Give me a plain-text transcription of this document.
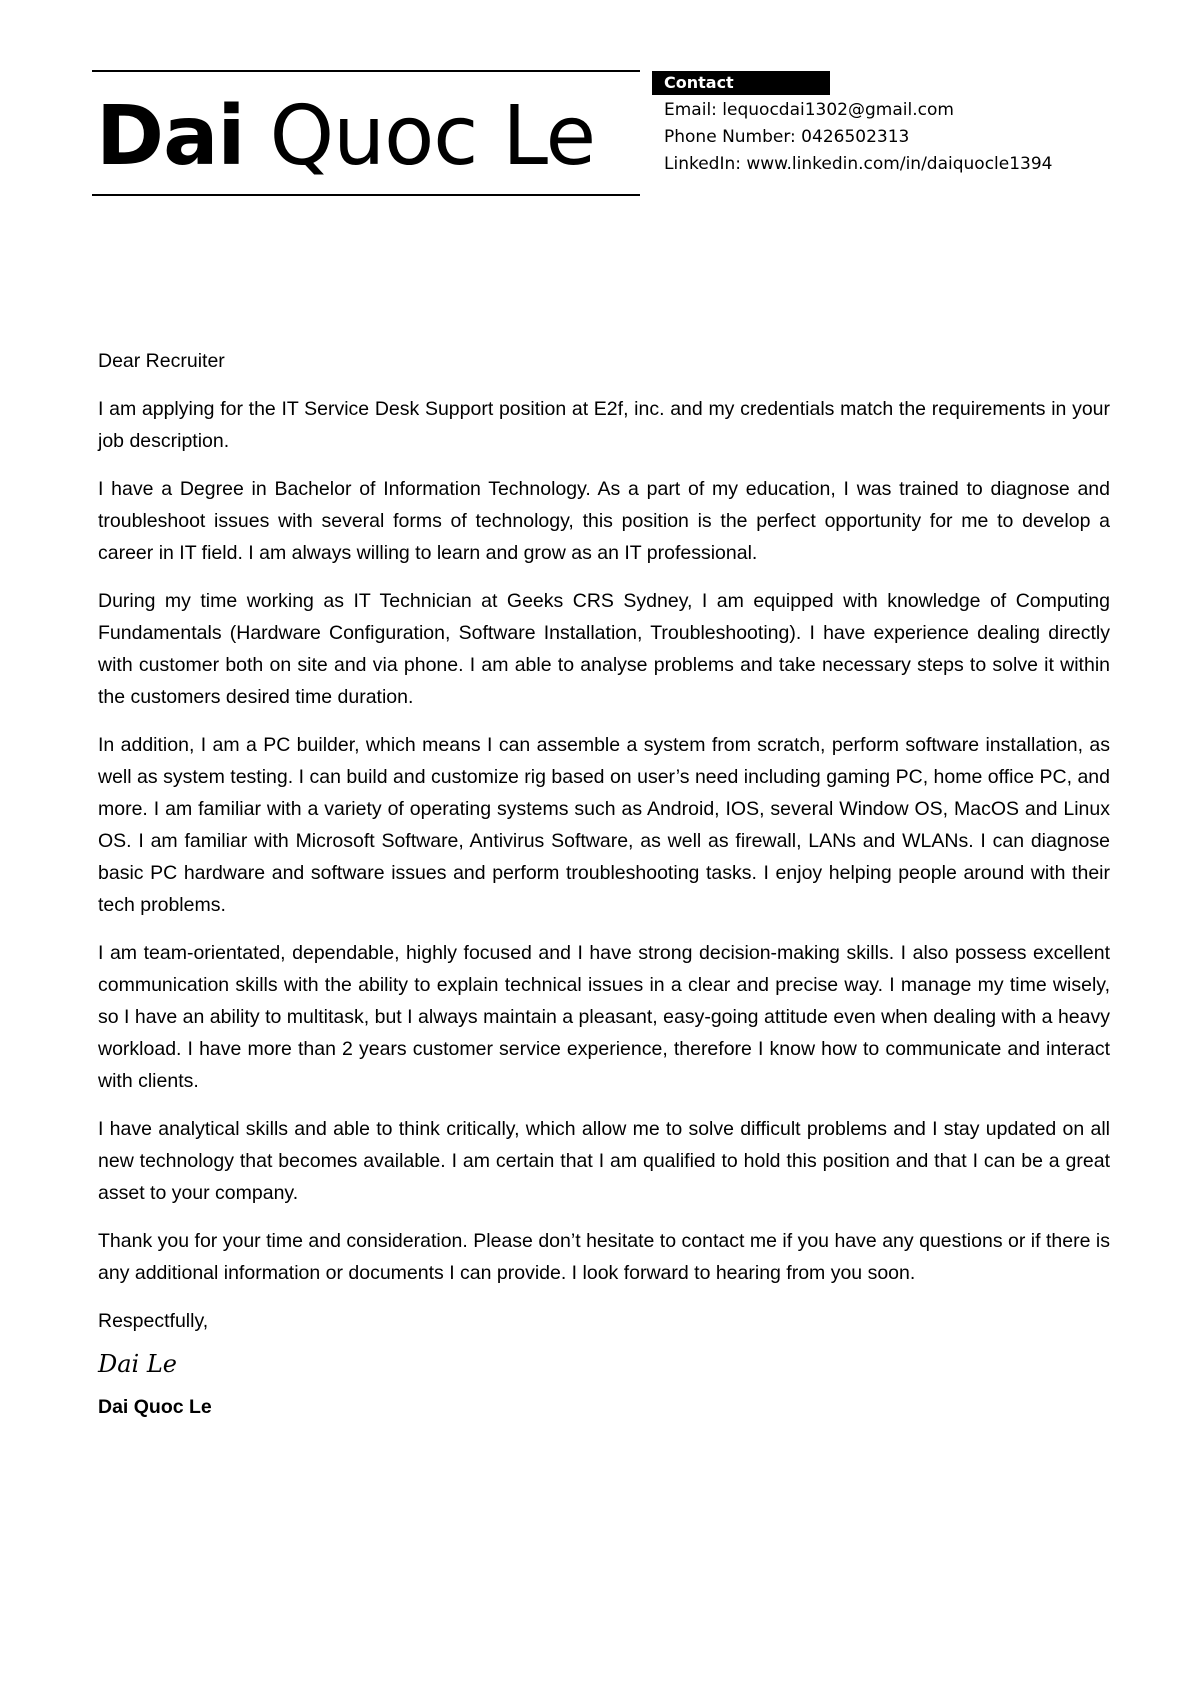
Dai Quoc Le
Contact
Email: lequocdai1302@gmail.com
Phone Number: 0426502313
LinkedIn: www.linkedin.com/in/daiquocle1394

Dear Recruiter

I am applying for the IT Service Desk Support position at E2f, inc. and my credentials match the requirements in your job description.

I have a Degree in Bachelor of Information Technology. As a part of my education, I was trained to diagnose and troubleshoot issues with several forms of technology, this position is the perfect opportunity for me to develop a career in IT field. I am always willing to learn and grow as an IT professional.

During my time working as IT Technician at Geeks CRS Sydney, I am equipped with knowledge of Computing Fundamentals (Hardware Configuration, Software Installation, Troubleshooting). I have experience dealing directly with customer both on site and via phone. I am able to analyse problems and take necessary steps to solve it within the customers desired time duration.

In addition, I am a PC builder, which means I can assemble a system from scratch, perform software installation, as well as system testing. I can build and customize rig based on user’s need including gaming PC, home office PC, and more. I am familiar with a variety of operating systems such as Android, IOS, several Window OS, MacOS and Linux OS. I am familiar with Microsoft Software, Antivirus Software, as well as firewall, LANs and WLANs. I can diagnose basic PC hardware and software issues and perform troubleshooting tasks. I enjoy helping people around with their tech problems.

I am team-orientated, dependable, highly focused and I have strong decision-making skills. I also possess excellent communication skills with the ability to explain technical issues in a clear and precise way. I manage my time wisely, so I have an ability to multitask, but I always maintain a pleasant, easy-going attitude even when dealing with a heavy workload. I have more than 2 years customer service experience, therefore I know how to communicate and interact with clients.

I have analytical skills and able to think critically, which allow me to solve difficult problems and I stay updated on all new technology that becomes available. I am certain that I am qualified to hold this position and that I can be a great asset to your company.

Thank you for your time and consideration. Please don’t hesitate to contact me if you have any questions or if there is any additional information or documents I can provide. I look forward to hearing from you soon.

Respectfully,

Dai Le

Dai Quoc Le
